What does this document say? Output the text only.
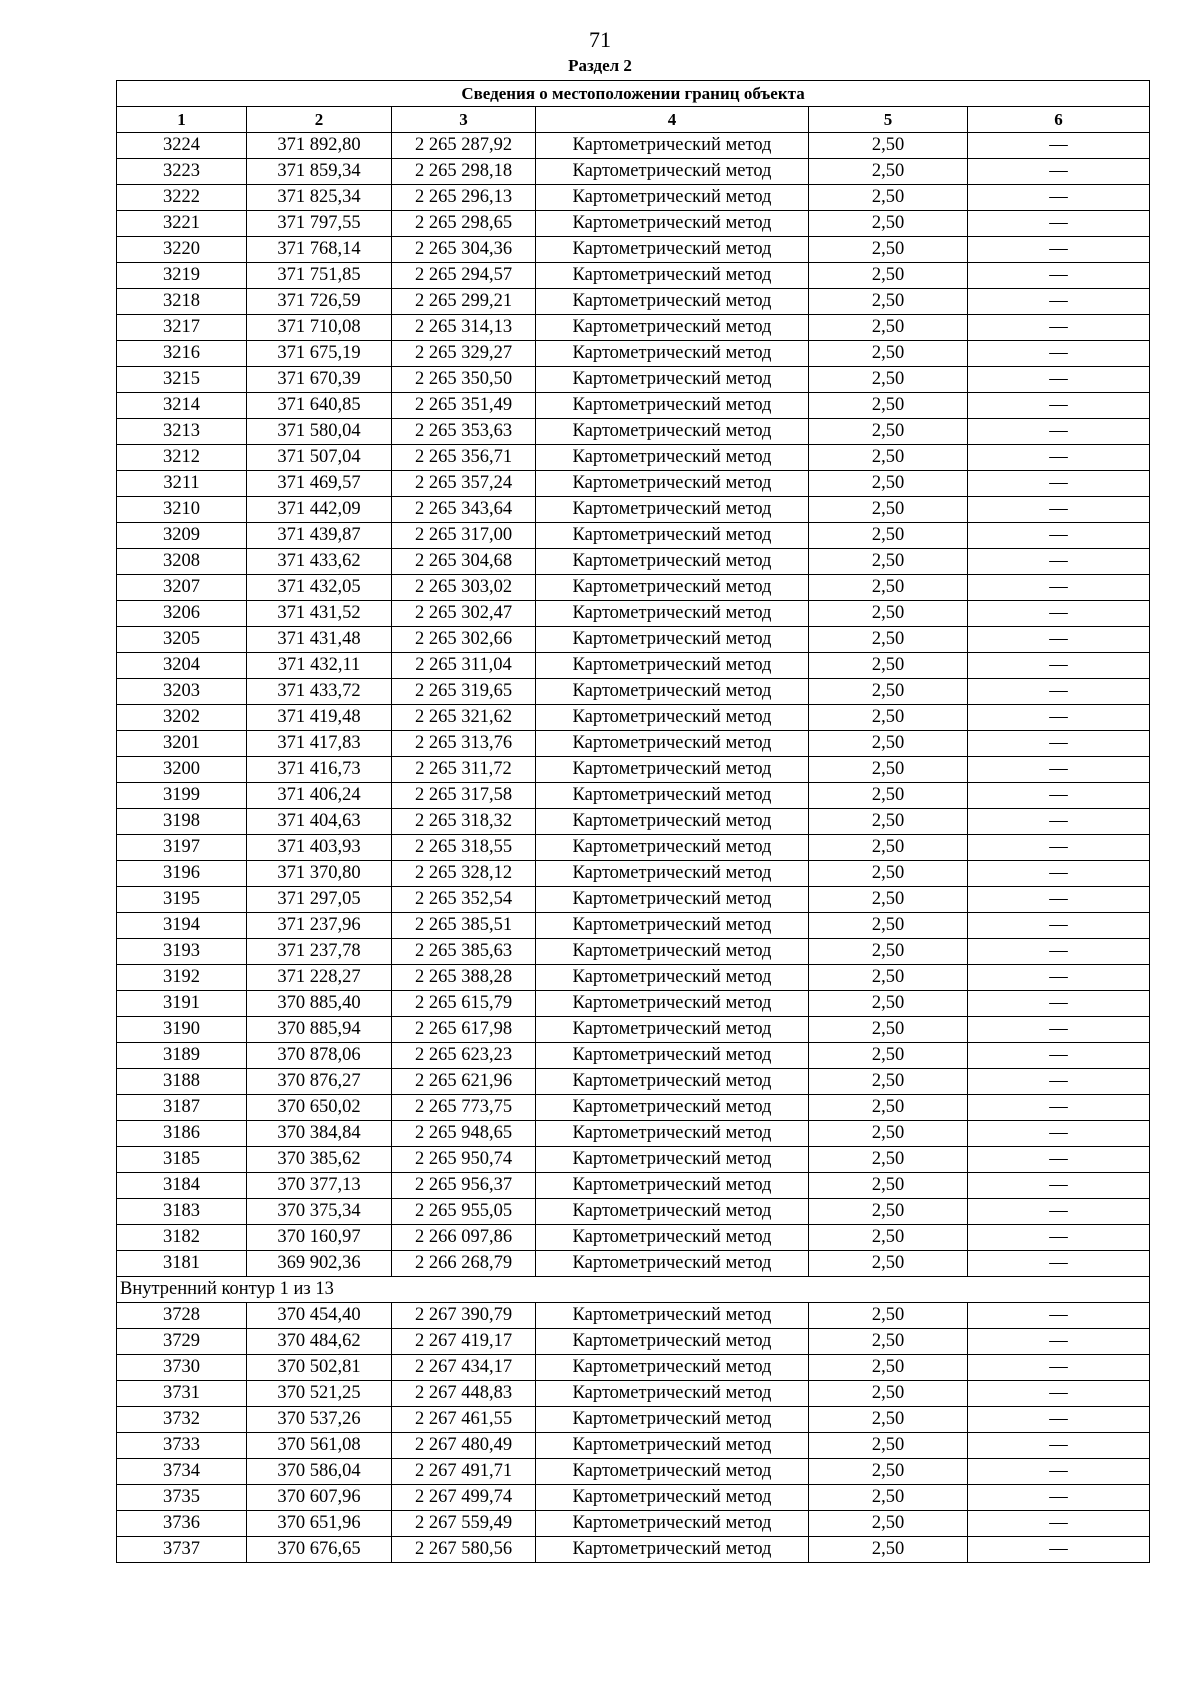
71
Раздел 2
Сведения о местоположении границ объекта					
1	2	3	4	5	6
3224	371 892,80	2 265 287,92	Картометрический метод	2,50	—
3223	371 859,34	2 265 298,18	Картометрический метод	2,50	—
3222	371 825,34	2 265 296,13	Картометрический метод	2,50	—
3221	371 797,55	2 265 298,65	Картометрический метод	2,50	—
3220	371 768,14	2 265 304,36	Картометрический метод	2,50	—
3219	371 751,85	2 265 294,57	Картометрический метод	2,50	—
3218	371 726,59	2 265 299,21	Картометрический метод	2,50	—
3217	371 710,08	2 265 314,13	Картометрический метод	2,50	—
3216	371 675,19	2 265 329,27	Картометрический метод	2,50	—
3215	371 670,39	2 265 350,50	Картометрический метод	2,50	—
3214	371 640,85	2 265 351,49	Картометрический метод	2,50	—
3213	371 580,04	2 265 353,63	Картометрический метод	2,50	—
3212	371 507,04	2 265 356,71	Картометрический метод	2,50	—
3211	371 469,57	2 265 357,24	Картометрический метод	2,50	—
3210	371 442,09	2 265 343,64	Картометрический метод	2,50	—
3209	371 439,87	2 265 317,00	Картометрический метод	2,50	—
3208	371 433,62	2 265 304,68	Картометрический метод	2,50	—
3207	371 432,05	2 265 303,02	Картометрический метод	2,50	—
3206	371 431,52	2 265 302,47	Картометрический метод	2,50	—
3205	371 431,48	2 265 302,66	Картометрический метод	2,50	—
3204	371 432,11	2 265 311,04	Картометрический метод	2,50	—
3203	371 433,72	2 265 319,65	Картометрический метод	2,50	—
3202	371 419,48	2 265 321,62	Картометрический метод	2,50	—
3201	371 417,83	2 265 313,76	Картометрический метод	2,50	—
3200	371 416,73	2 265 311,72	Картометрический метод	2,50	—
3199	371 406,24	2 265 317,58	Картометрический метод	2,50	—
3198	371 404,63	2 265 318,32	Картометрический метод	2,50	—
3197	371 403,93	2 265 318,55	Картометрический метод	2,50	—
3196	371 370,80	2 265 328,12	Картометрический метод	2,50	—
3195	371 297,05	2 265 352,54	Картометрический метод	2,50	—
3194	371 237,96	2 265 385,51	Картометрический метод	2,50	—
3193	371 237,78	2 265 385,63	Картометрический метод	2,50	—
3192	371 228,27	2 265 388,28	Картометрический метод	2,50	—
3191	370 885,40	2 265 615,79	Картометрический метод	2,50	—
3190	370 885,94	2 265 617,98	Картометрический метод	2,50	—
3189	370 878,06	2 265 623,23	Картометрический метод	2,50	—
3188	370 876,27	2 265 621,96	Картометрический метод	2,50	—
3187	370 650,02	2 265 773,75	Картометрический метод	2,50	—
3186	370 384,84	2 265 948,65	Картометрический метод	2,50	—
3185	370 385,62	2 265 950,74	Картометрический метод	2,50	—
3184	370 377,13	2 265 956,37	Картометрический метод	2,50	—
3183	370 375,34	2 265 955,05	Картометрический метод	2,50	—
3182	370 160,97	2 266 097,86	Картометрический метод	2,50	—
3181	369 902,36	2 266 268,79	Картометрический метод	2,50	—
Внутренний контур 1 из 13					
3728	370 454,40	2 267 390,79	Картометрический метод	2,50	—
3729	370 484,62	2 267 419,17	Картометрический метод	2,50	—
3730	370 502,81	2 267 434,17	Картометрический метод	2,50	—
3731	370 521,25	2 267 448,83	Картометрический метод	2,50	—
3732	370 537,26	2 267 461,55	Картометрический метод	2,50	—
3733	370 561,08	2 267 480,49	Картометрический метод	2,50	—
3734	370 586,04	2 267 491,71	Картометрический метод	2,50	—
3735	370 607,96	2 267 499,74	Картометрический метод	2,50	—
3736	370 651,96	2 267 559,49	Картометрический метод	2,50	—
3737	370 676,65	2 267 580,56	Картометрический метод	2,50	—
